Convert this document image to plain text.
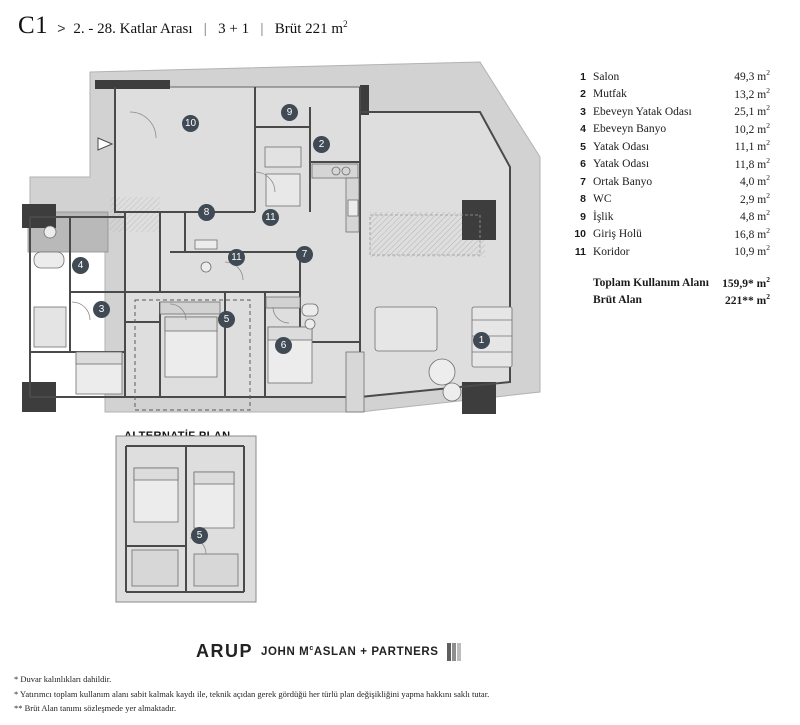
C1 > 2. - 28. Katlar Arası | 3 + 1 | Brüt 221 $m^2$
1 Salon	49,3 $m^2$
2 Mutfak	13,2 $m^2$
3 Ebeveyn Yatak Odası	25,1 $m^2$
4 Ebeveyn Banyo	10,2 $m^2$
5 Yatak Odası	11,1 $m^2$
6 Yatak Odası	11,8 $m^2$
7 Ortak Banyo	4,0 $m^2$
8 WC	2,9 $m^2$
9 İşlik	4,8 $m^2$
10 Giriş Holü	16,8 $m^2$
11 Koridor	10,9 $m^2$
Toplam Kullanım Alanı	159,9* $m^2$
Brüt Alan	221** $m^2$
1
2
3
4
5
6
7
8
9
10
11
11
5
ARUP JOHN $M^cASLAN$ + PARTNERS
* Duvar kalınlıkları dahildir.
* Yatırımcı toplam kullanım alanı sabit kalmak kaydı ile, teknik açıdan gerek gördüğü her türlü plan değişikliğini yapma hakkını saklı tutar.
** Brüt Alan tanımı sözleşmede yer almaktadır.
